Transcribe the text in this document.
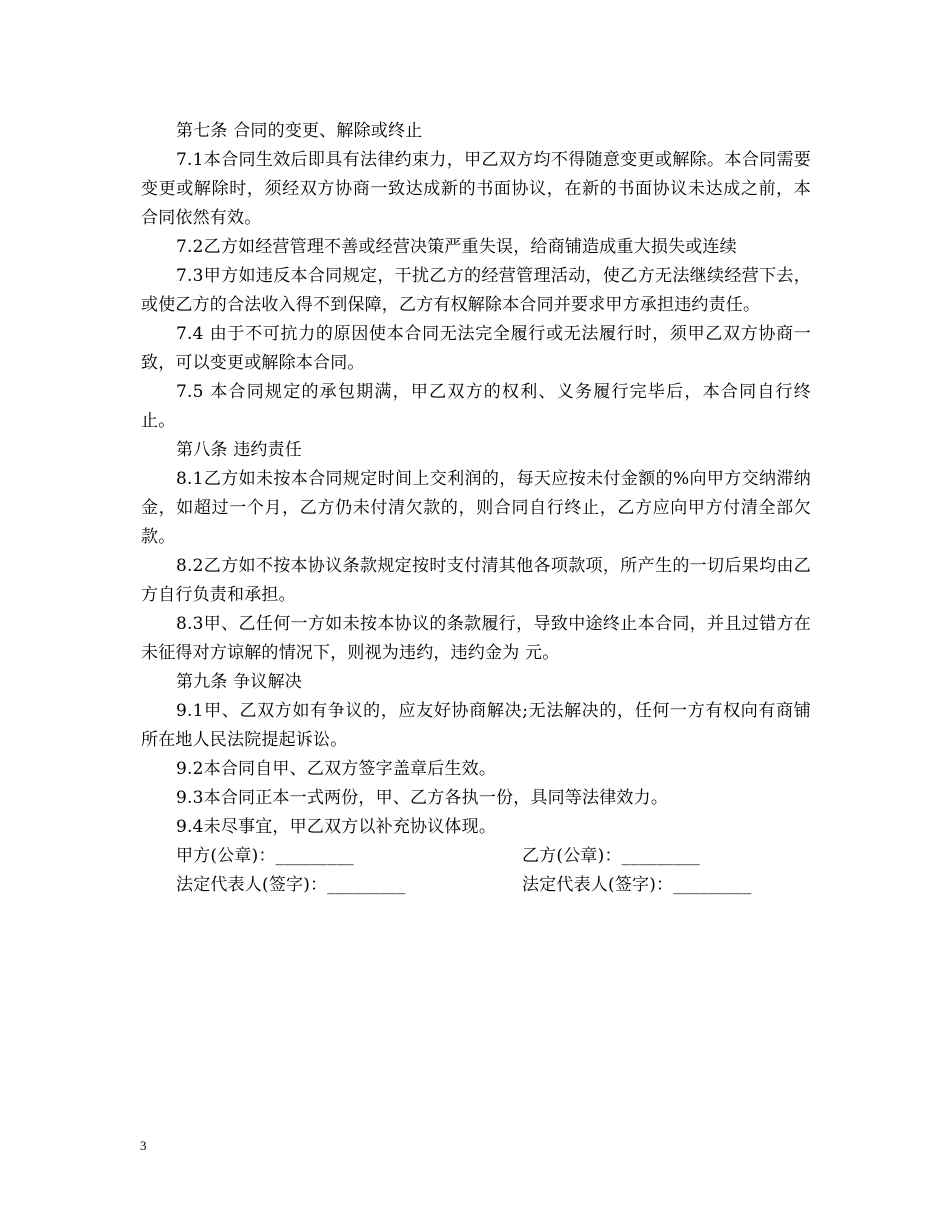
第七条 合同的变更、解除或终止

7.1本合同生效后即具有法律约束力，甲乙双方均不得随意变更或解除。本合同需要变更或解除时，须经双方协商一致达成新的书面协议，在新的书面协议未达成之前，本合同依然有效。

7.2乙方如经营管理不善或经营决策严重失误，给商铺造成重大损失或连续

7.3甲方如违反本合同规定，干扰乙方的经营管理活动，使乙方无法继续经营下去，或使乙方的合法收入得不到保障，乙方有权解除本合同并要求甲方承担违约责任。

7.4 由于不可抗力的原因使本合同无法完全履行或无法履行时，须甲乙双方协商一致，可以变更或解除本合同。

7.5 本合同规定的承包期满，甲乙双方的权利、义务履行完毕后，本合同自行终止。

第八条 违约责任

8.1乙方如未按本合同规定时间上交利润的，每天应按未付金额的%向甲方交纳滞纳金，如超过一个月，乙方仍未付清欠款的，则合同自行终止，乙方应向甲方付清全部欠款。

8.2乙方如不按本协议条款规定按时支付清其他各项款项，所产生的一切后果均由乙方自行负责和承担。

8.3甲、乙任何一方如未按本协议的条款履行，导致中途终止本合同，并且过错方在未征得对方谅解的情况下，则视为违约，违约金为 元。

第九条 争议解决

9.1甲、乙双方如有争议的，应友好协商解决;无法解决的，任何一方有权向有商铺所在地人民法院提起诉讼。

9.2本合同自甲、乙双方签字盖章后生效。

9.3本合同正本一式两份，甲、乙方各执一份，具同等法律效力。

9.4未尽事宜，甲乙双方以补充协议体现。

甲方(公章)：_________	乙方(公章)：_________
法定代表人(签字)：_________	法定代表人(签字)：_________
3
